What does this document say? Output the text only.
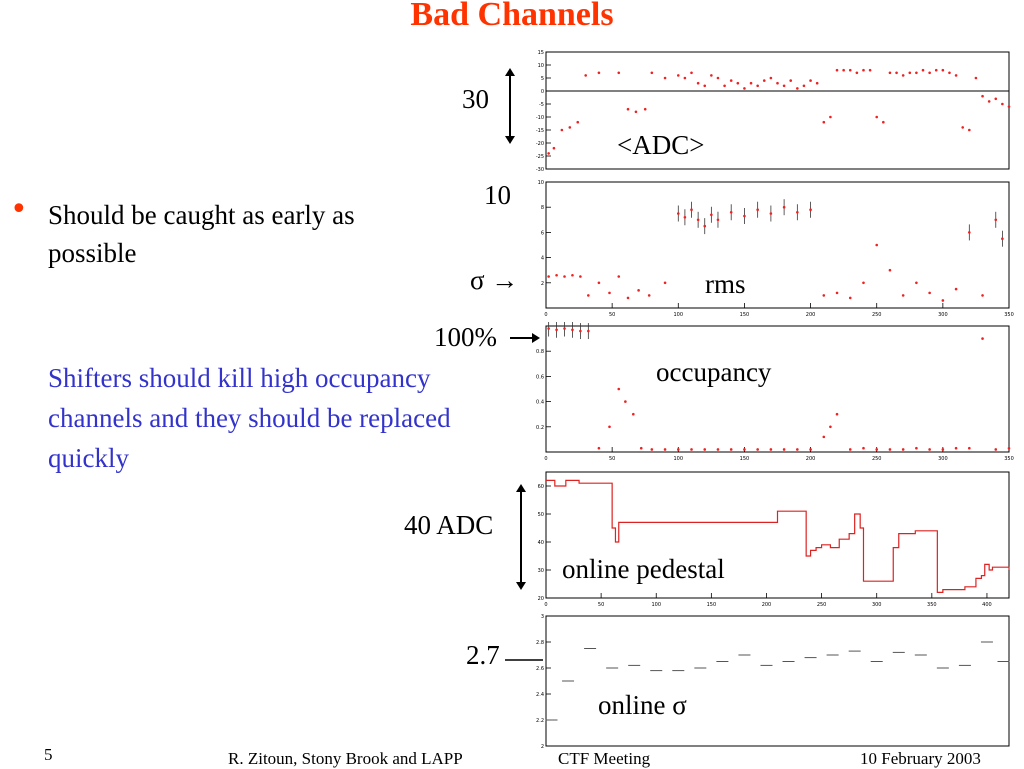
Bad Channels
• Should be caught as early as possible
Shifters should kill high occupancy channels and they should be replaced quickly
15
10
5
0
-5
-10
-15
-20
-25
-30
2
4
6
8
10
0	50	100	150	200	250	300	350
0.2
0.4
0.6
0.8
0	50	100	150	200	250	300	350
20
30
40
50
60
0	50	100	150	200	250	300	350	400
2
2.2
2.4
2.6
2.8
3
30
<ADC>
10
σ →	rms
100%
occupancy
40 ADC
online pedestal
2.7
online σ
5	R. Zitoun, Stony Brook and LAPP	CTF Meeting	10 February 2003
